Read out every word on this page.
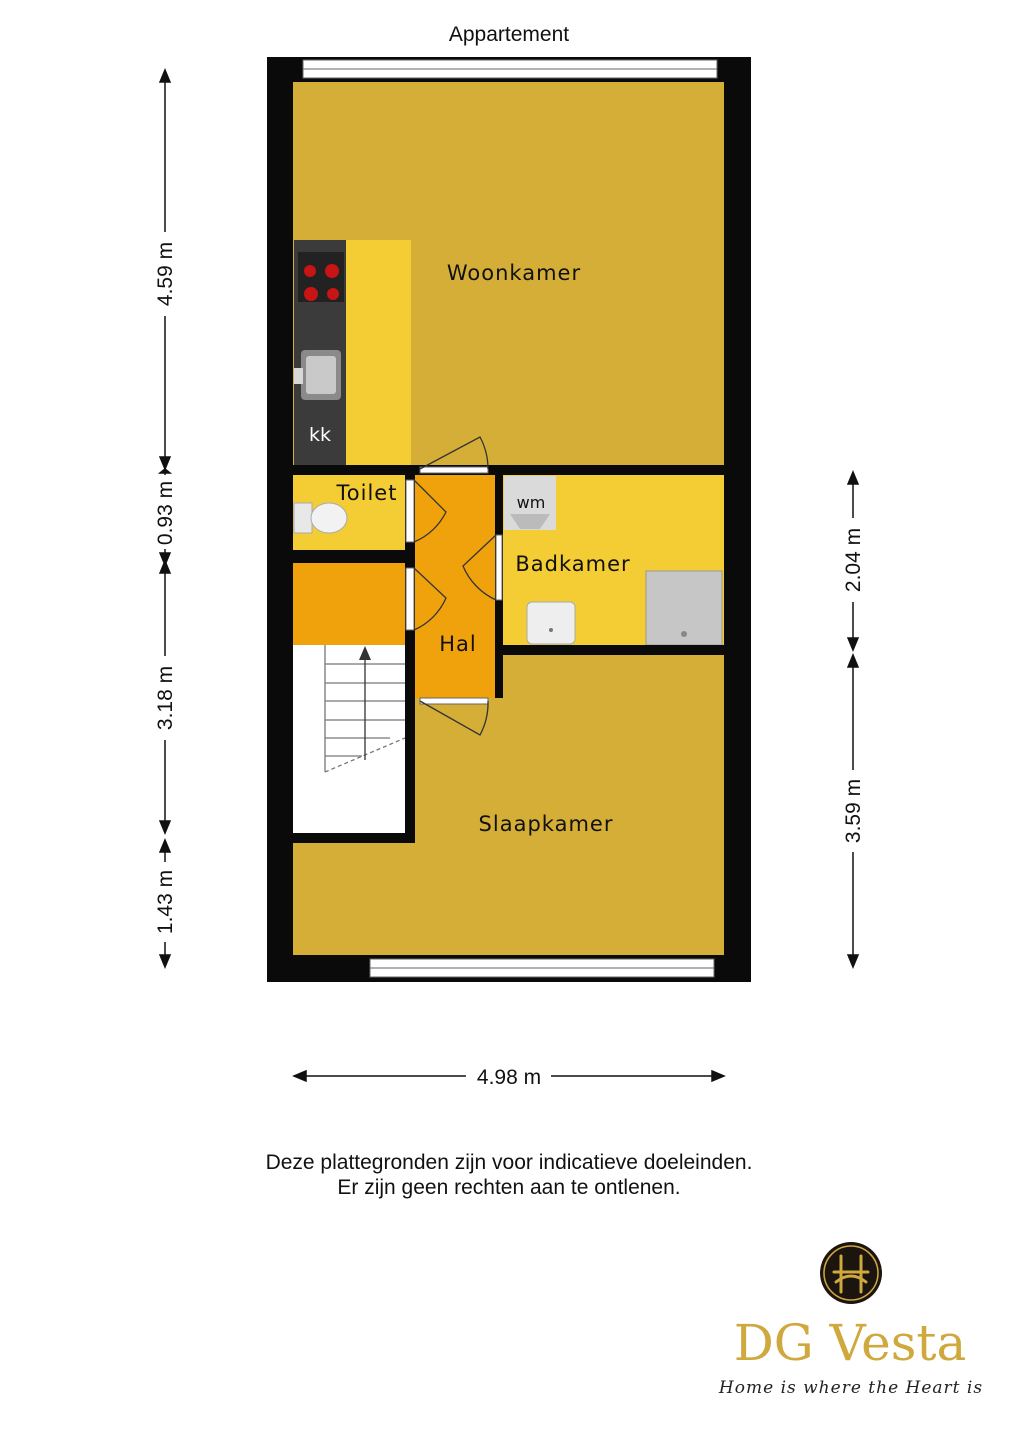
Appartement
Woonkamer
kk
Toilet	wm
Badkamer
Hal
Slaapkamer
4.59 m
0.93 m
3.18 m
1.43 m
2.04 m
3.59 m
4.98 m
DG Vesta
Home is where the Heart is
Deze plattegronden zijn voor indicatieve doeleinden.
Er zijn geen rechten aan te ontlenen.
